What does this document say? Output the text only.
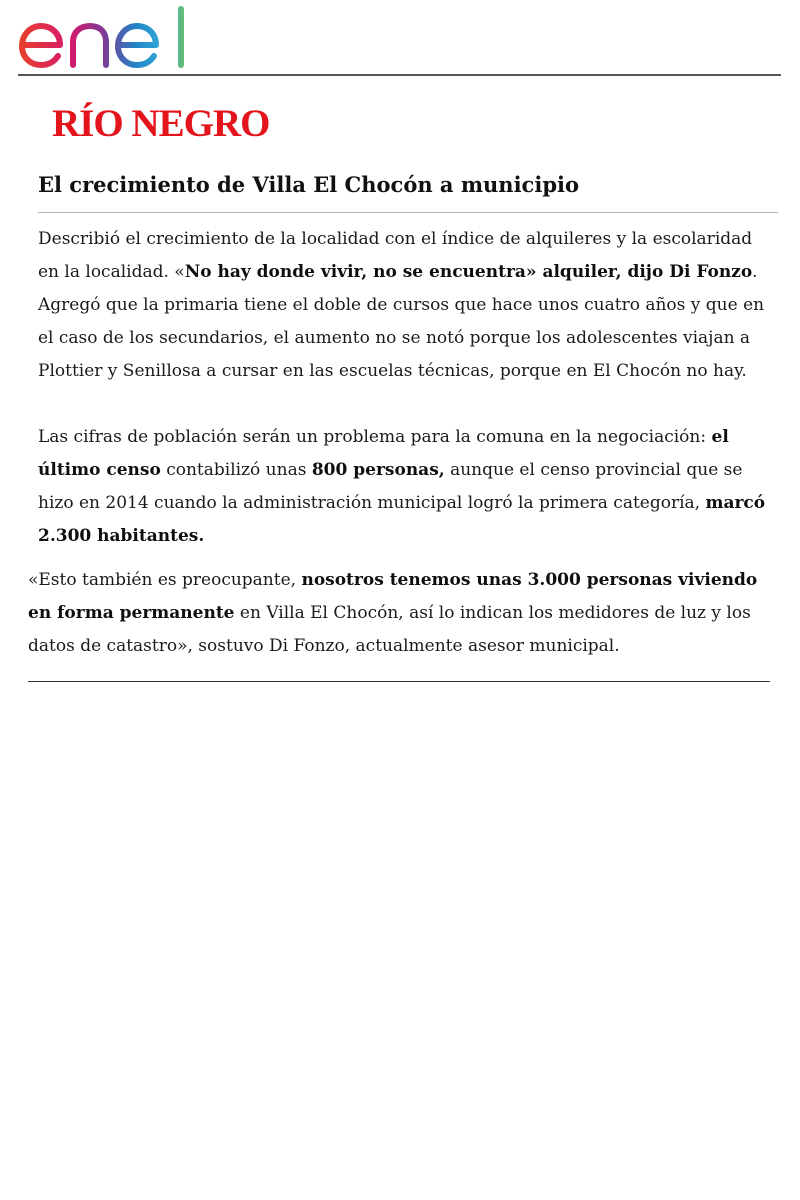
RÍO NEGRO
El crecimiento de Villa El Chocón a municipio

Describió el crecimiento de la localidad con el índice de alquileres y la escolaridad en la localidad. «No hay donde vivir, no se encuentra» alquiler, dijo Di Fonzo. Agregó que la primaria tiene el doble de cursos que hace unos cuatro años y que en el caso de los secundarios, el aumento no se notó porque los adolescentes viajan a Plottier y Senillosa a cursar en las escuelas técnicas, porque en El Chocón no hay.

Las cifras de población serán un problema para la comuna en la negociación: el último censo contabilizó unas 800 personas, aunque el censo provincial que se hizo en 2014 cuando la administración municipal logró la primera categoría, marcó 2.300 habitantes.

«Esto también es preocupante, nosotros tenemos unas 3.000 personas viviendo en forma permanente en Villa El Chocón, así lo indican los medidores de luz y los datos de catastro», sostuvo Di Fonzo, actualmente asesor municipal.
